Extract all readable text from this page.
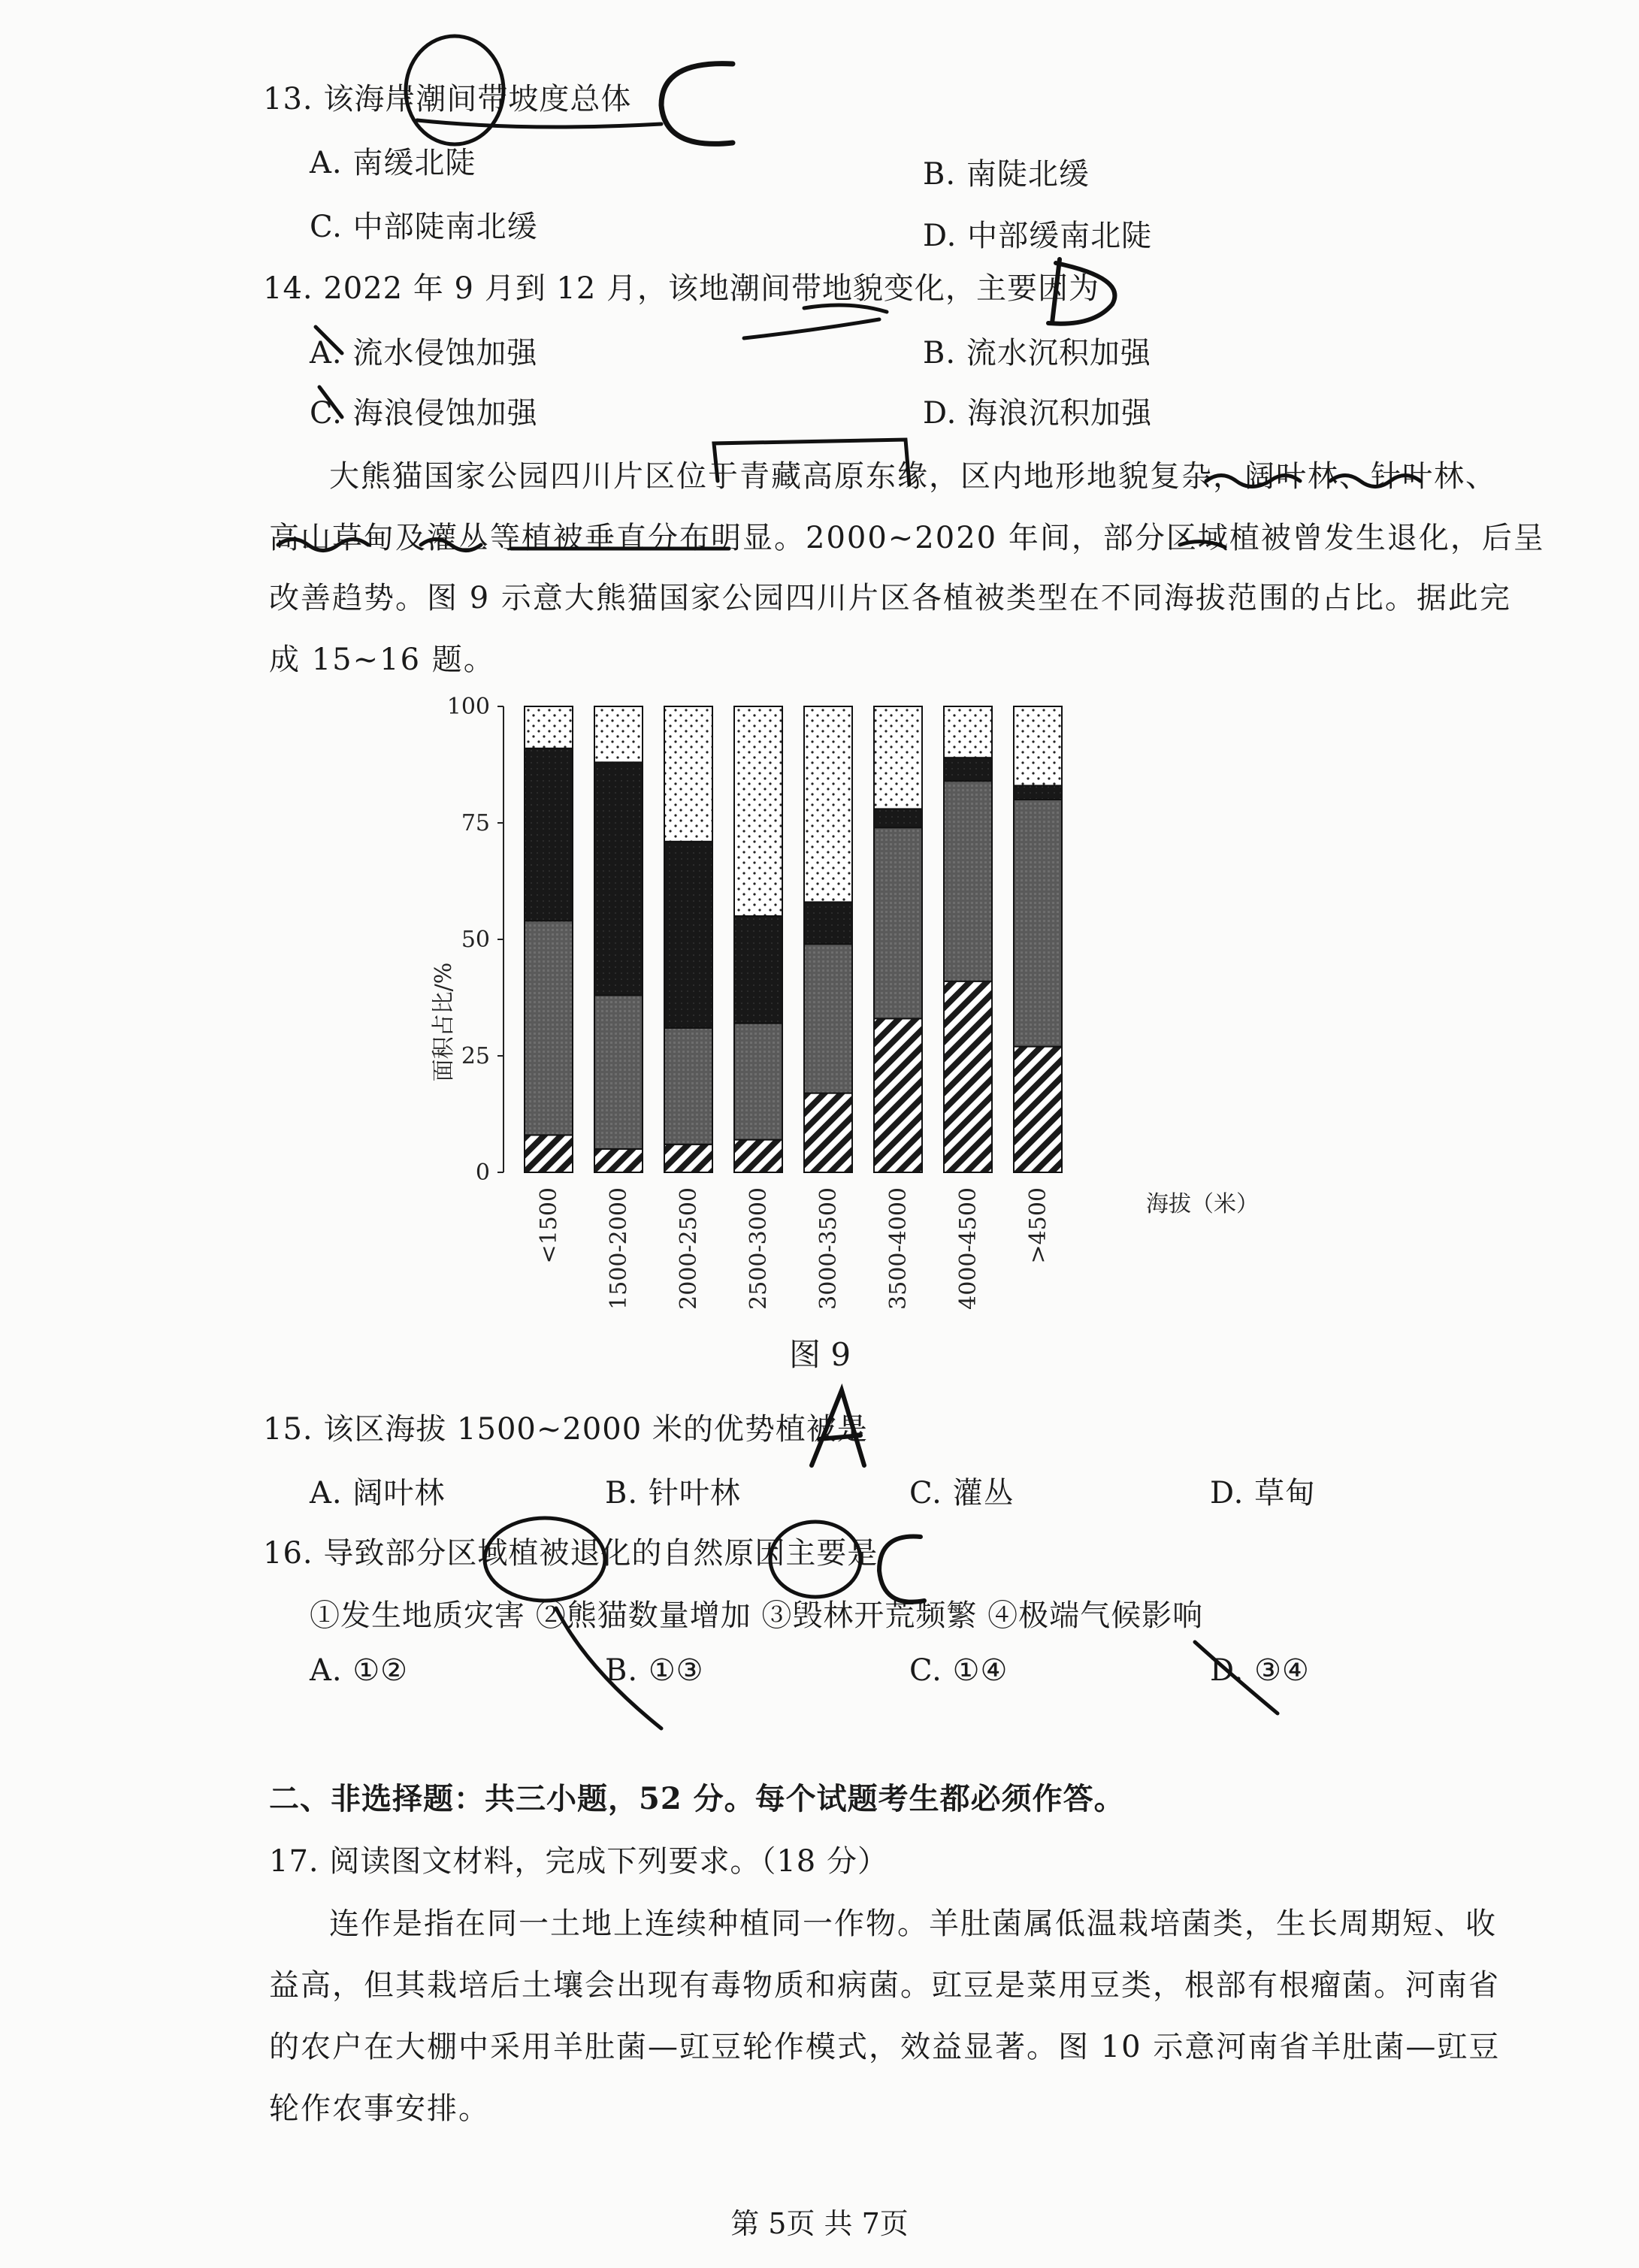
13. 该海岸潮间带坡度总体
A. 南缓北陡	B. 南陡北缓
C. 中部陡南北缓	D. 中部缓南北陡
14. 2022 年 9 月到 12 月，该地潮间带地貌变化，主要因为
A. 流水侵蚀加强	B. 流水沉积加强
C. 海浪侵蚀加强	D. 海浪沉积加强
大熊猫国家公园四川片区位于青藏高原东缘，区内地形地貌复杂，阔叶林、针叶林、
高山草甸及灌丛等植被垂直分布明显。2000~2020 年间，部分区域植被曾发生退化，后呈
改善趋势。图 9 示意大熊猫国家公园四川片区各植被类型在不同海拔范围的占比。据此完
成 15~16 题。
面积占比/%
0
25
50
75
100
<1500 1500-2000 2000-2500 2500-3000 3000-3500 3500-4000 4000-4500 >4500	海拔（米）
图 9
15. 该区海拔 1500~2000 米的优势植被是
A. 阔叶林	B. 针叶林	C. 灌丛	D. 草甸
16. 导致部分区域植被退化的自然原因主要是
①发生地质灾害 ②熊猫数量增加 ③毁林开荒频繁 ④极端气候影响
A. ①②	B. ①③	C. ①④	D. ③④
二、非选择题：共三小题，52 分。每个试题考生都必须作答。
17. 阅读图文材料，完成下列要求。（18 分）
连作是指在同一土地上连续种植同一作物。羊肚菌属低温栽培菌类，生长周期短、收
益高，但其栽培后土壤会出现有毒物质和病菌。豇豆是菜用豆类，根部有根瘤菌。河南省
的农户在大棚中采用羊肚菌—豇豆轮作模式，效益显著。图 10 示意河南省羊肚菌—豇豆
轮作农事安排。
第 5页 共 7页
